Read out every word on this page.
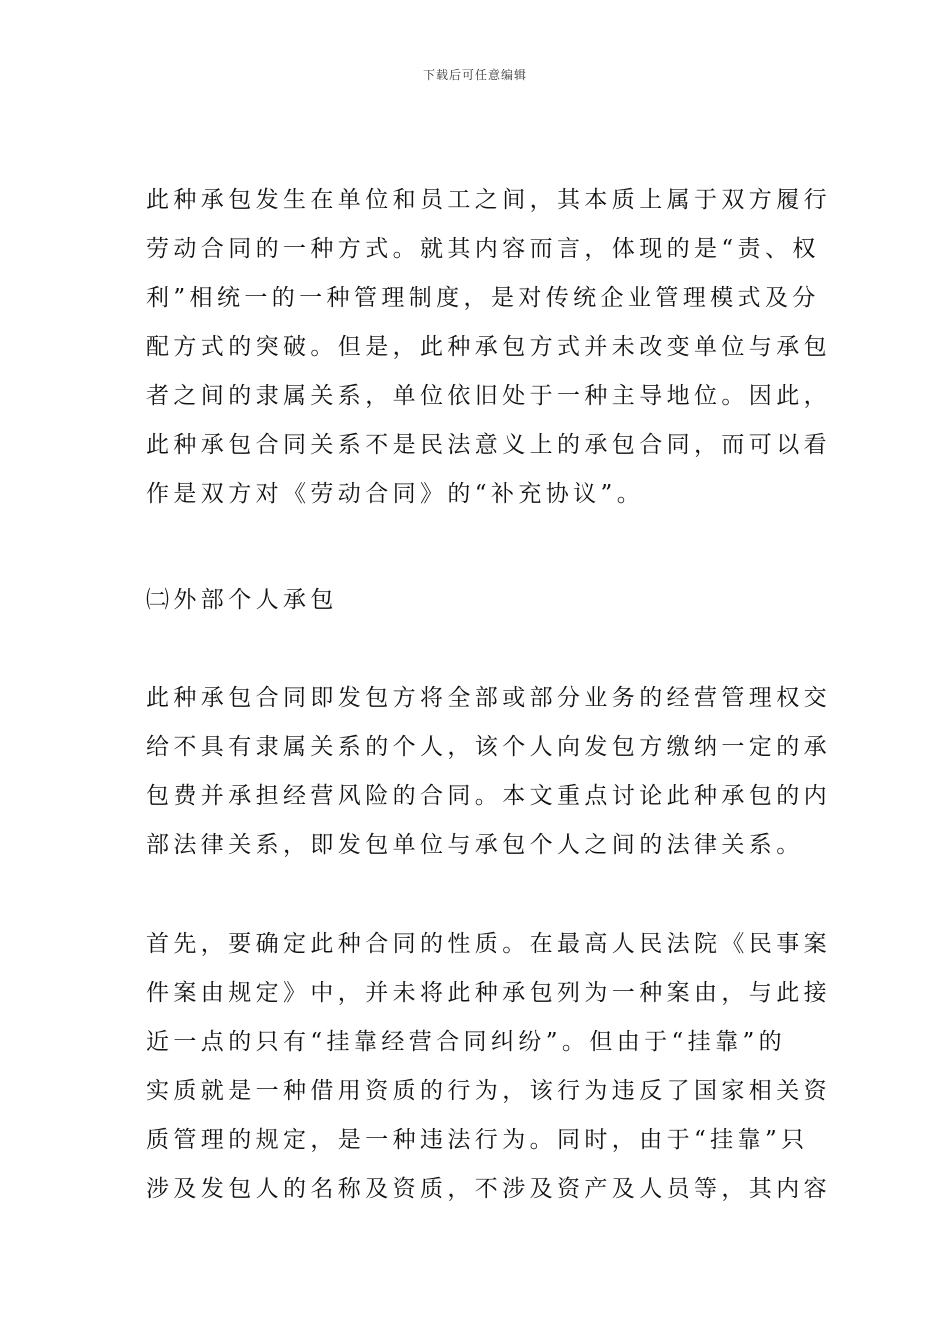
下载后可任意编辑
此种承包发生在单位和员工之间，其本质上属于双方履行
劳动合同的一种方式。就其内容而言，体现的是“责、权
利”相统一的一种管理制度，是对传统企业管理模式及分
配方式的突破。但是，此种承包方式并未改变单位与承包
者之间的隶属关系，单位依旧处于一种主导地位。因此，
此种承包合同关系不是民法意义上的承包合同，而可以看
作是双方对《劳动合同》的“补充协议”。
㈡外部个人承包
此种承包合同即发包方将全部或部分业务的经营管理权交
给不具有隶属关系的个人，该个人向发包方缴纳一定的承
包费并承担经营风险的合同。本文重点讨论此种承包的内
部法律关系，即发包单位与承包个人之间的法律关系。
首先，要确定此种合同的性质。在最高人民法院《民事案
件案由规定》中，并未将此种承包列为一种案由，与此接
近一点的只有“挂靠经营合同纠纷”。但由于“挂靠”的
实质就是一种借用资质的行为，该行为违反了国家相关资
质管理的规定，是一种违法行为。同时，由于“挂靠”只
涉及发包人的名称及资质，不涉及资产及人员等，其内容
